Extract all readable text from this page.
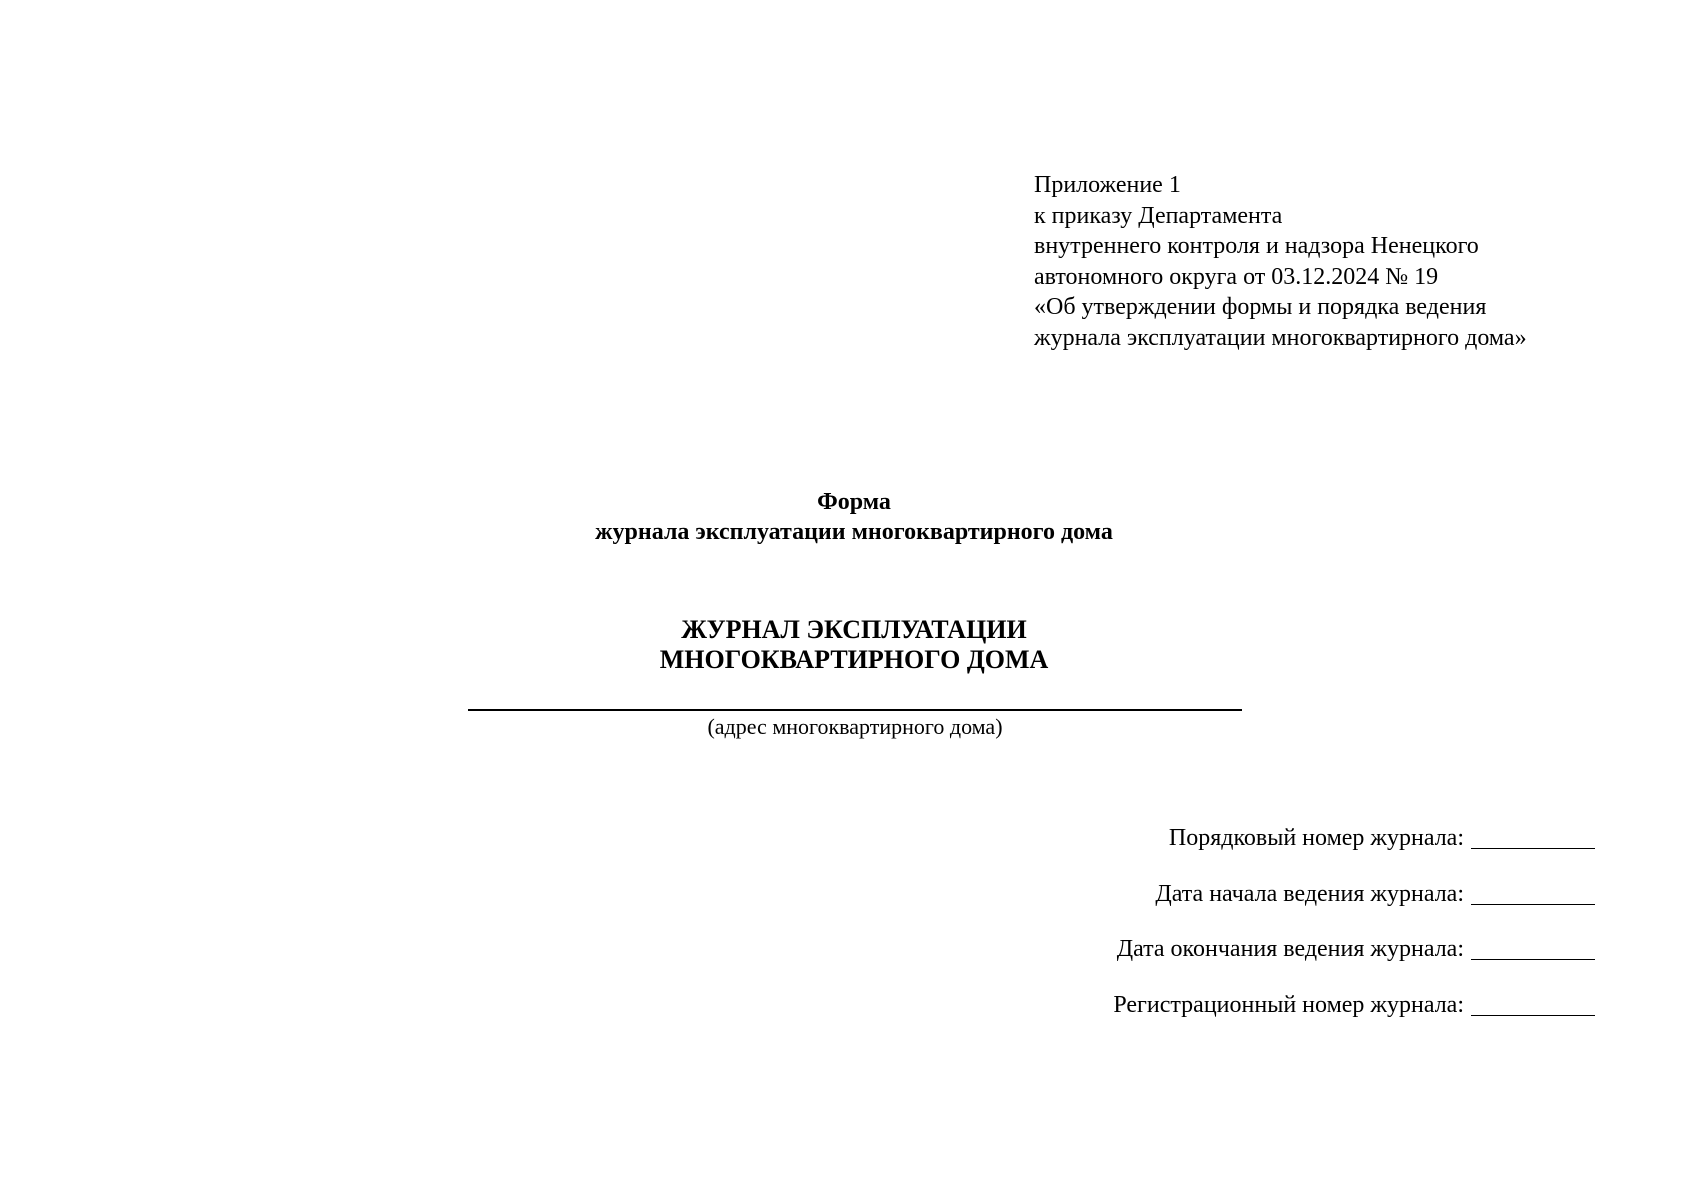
Приложение 1
к приказу Департамента
внутреннего контроля и надзора Ненецкого
автономного округа от 03.12.2024 № 19
«Об утверждении формы и порядка ведения
журнала эксплуатации многоквартирного дома»
Форма
журнала эксплуатации многоквартирного дома
ЖУРНАЛ ЭКСПЛУАТАЦИИ
МНОГОКВАРТИРНОГО ДОМА
(адрес многоквартирного дома)
Порядковый номер журнала:
Дата начала ведения журнала:
Дата окончания ведения журнала:
Регистрационный номер журнала:
